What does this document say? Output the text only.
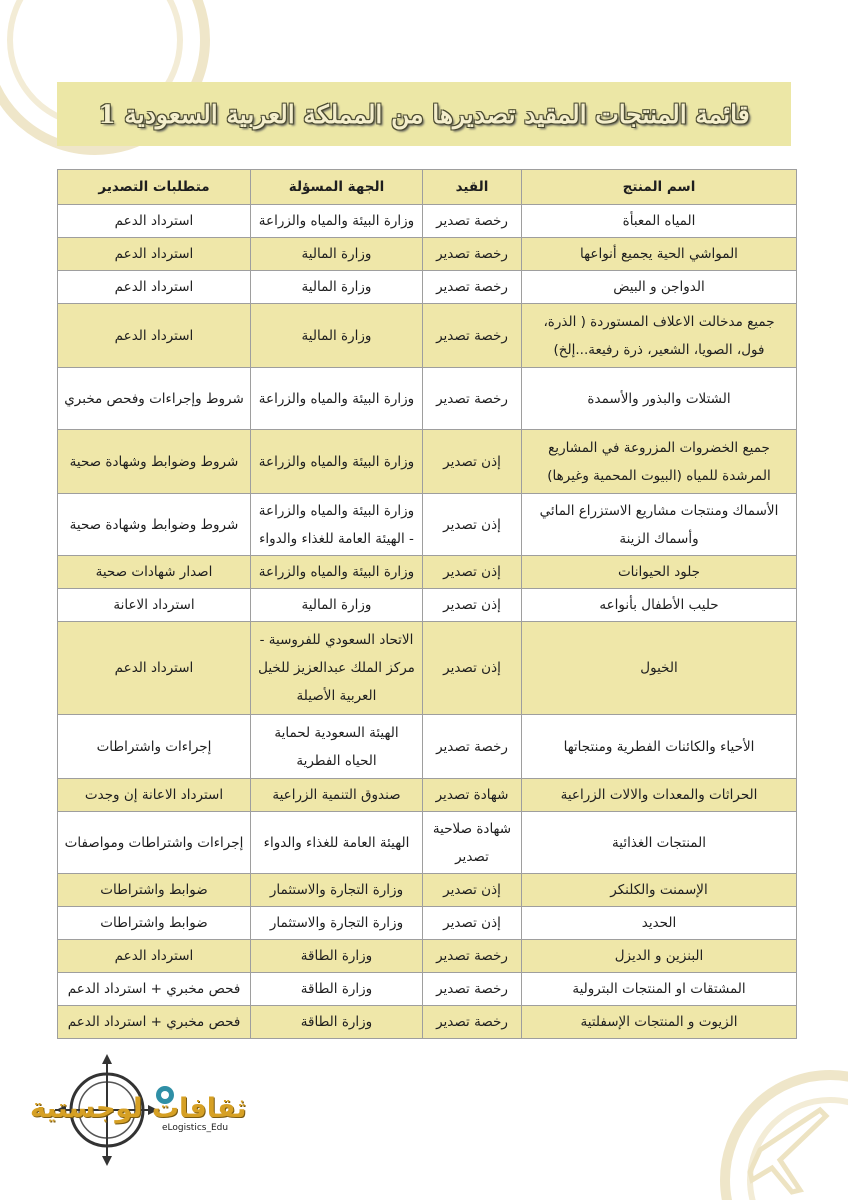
قائمة المنتجات المقيد تصديرها من المملكة العربية السعودية 1
اسم المنتج	القيد	الجهة المسؤلة	متطلبات التصدير
المياه المعبأة	رخصة تصدير	وزارة البيئة والمياه والزراعة	استرداد الدعم
المواشي الحية يجميع أنواعها	رخصة تصدير	وزارة المالية	استرداد الدعم
الدواجن و البيض	رخصة تصدير	وزارة المالية	استرداد الدعم
جميع مدخالت الاعلاف المستوردة ( الذرة، فول، الصويا، الشعير، ذرة رفيعة...إلخ)	رخصة تصدير	وزارة المالية	استرداد الدعم
الشتلات والبذور والأسمدة	رخصة تصدير	وزارة البيئة والمياه والزراعة	شروط وإجراءات وفحص مخبري
جميع الخضروات المزروعة في المشاريع المرشدة للمياه (البيوت المحمية وغيرها)	إذن تصدير	وزارة البيئة والمياه والزراعة	شروط وضوابط وشهادة صحية
الأسماك ومنتجات مشاريع الاستزراع المائي وأسماك الزينة	إذن تصدير	وزارة البيئة والمياه والزراعة - الهيئة العامة للغذاء والدواء	شروط وضوابط وشهادة صحية
جلود الحيوانات	إذن تصدير	وزارة البيئة والمياه والزراعة	اصدار شهادات صحية
حليب الأطفال بأنواعه	إذن تصدير	وزارة المالية	استرداد الاعانة
الخيول	إذن تصدير	الاتحاد السعودي للفروسية - مركز الملك عبدالعزيز للخيل العربية الأصيلة	استرداد الدعم
الأحياء والكائنات الفطرية ومنتجاتها	رخصة تصدير	الهيئة السعودية لحماية الحياه الفطرية	إجراءات واشتراطات
الحراثات والمعدات والالات الزراعية	شهادة تصدير	صندوق التنمية الزراعية	استرداد الاعانة إن وجدت
المنتجات الغذائية	شهادة صلاحية تصدير	الهيئة العامة للغذاء والدواء	إجراءات واشتراطات ومواصفات
الإسمنت والكلنكر	إذن تصدير	وزارة التجارة والاستثمار	ضوابط واشتراطات
الحديد	إذن تصدير	وزارة التجارة والاستثمار	ضوابط واشتراطات
البنزين و الديزل	رخصة تصدير	وزارة الطاقة	استرداد الدعم
المشتقات او المنتجات البترولية	رخصة تصدير	وزارة الطاقة	فحص مخبري + استرداد الدعم
الزيوت و المنتجات الإسفلتية	رخصة تصدير	وزارة الطاقة	فحص مخبري + استرداد الدعم
ثقافات لوجستية
eLogistics_Edu
